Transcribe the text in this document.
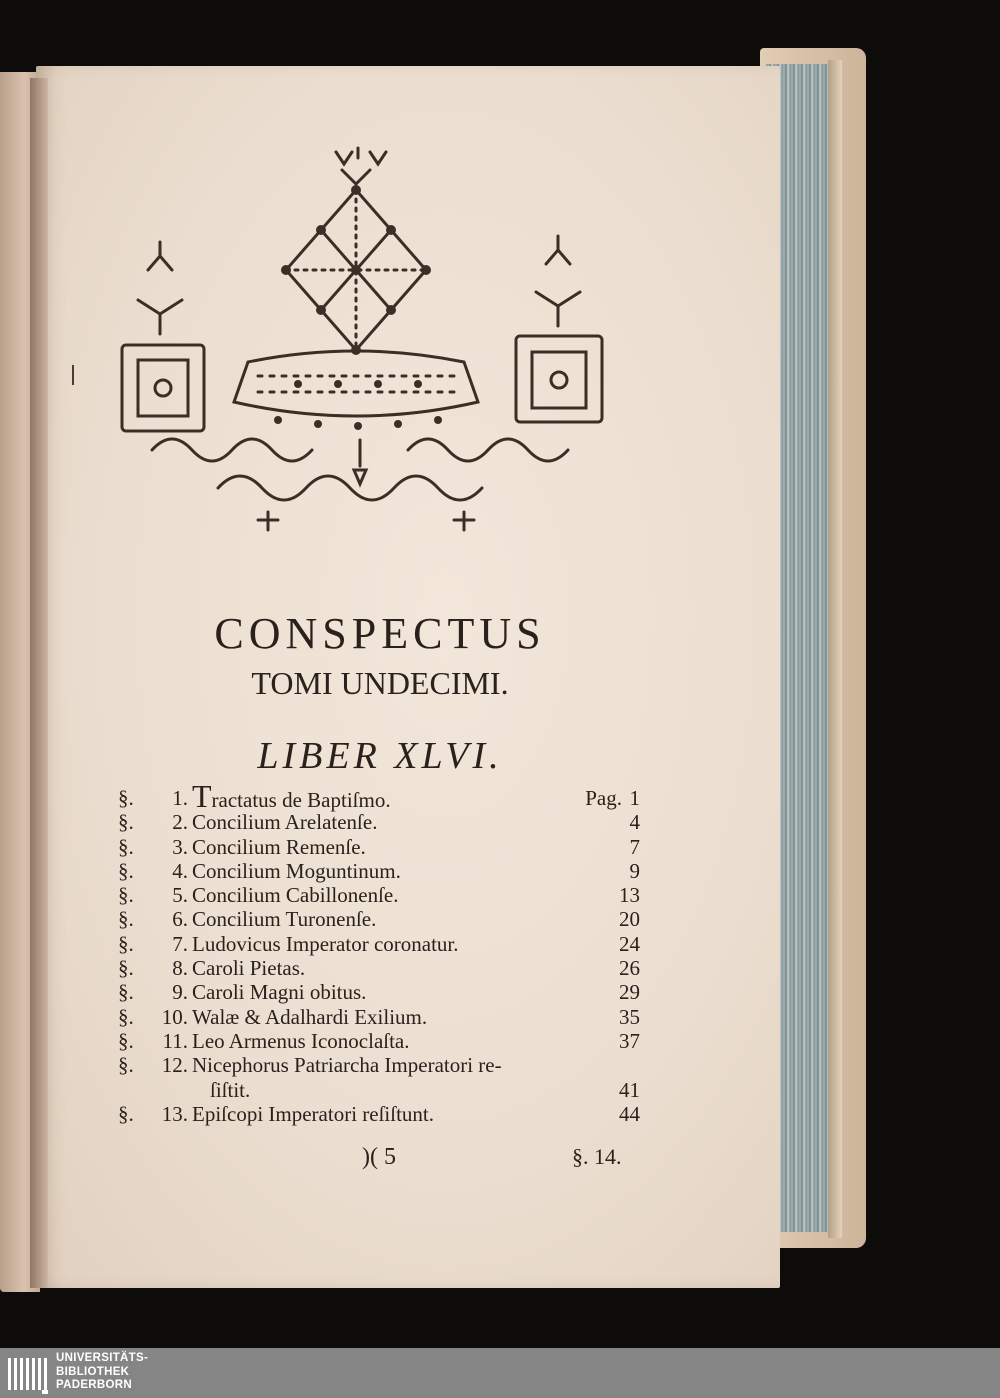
CONSPECTUS
TOMI UNDECIMI.
LIBER XLVI.
§.	1. Tractatus de Baptiſmo.	Pag. 1
§.	2. Concilium Arelatenſe.	4
§.	3. Concilium Remenſe.	7
§.	4. Concilium Moguntinum.	9
§.	5. Concilium Cabillonenſe.	13
§.	6. Concilium Turonenſe.	20
§.	7. Ludovicus Imperator coronatur.	24
§.	8. Caroli Pietas.	26
§.	9. Caroli Magni obitus.	29
§. 10. Walæ & Adalhardi Exilium.	35
§. 11. Leo Armenus Iconoclaſta.	37
§. 12. Nicephorus Patriarcha Imperatori re-
ſiſtit.	41
§. 13. Epiſcopi Imperatori reſiſtunt.	44
)( 5	§. 14.
UNIVERSITÄTS-
BIBLIOTHEK
PADERBORN
